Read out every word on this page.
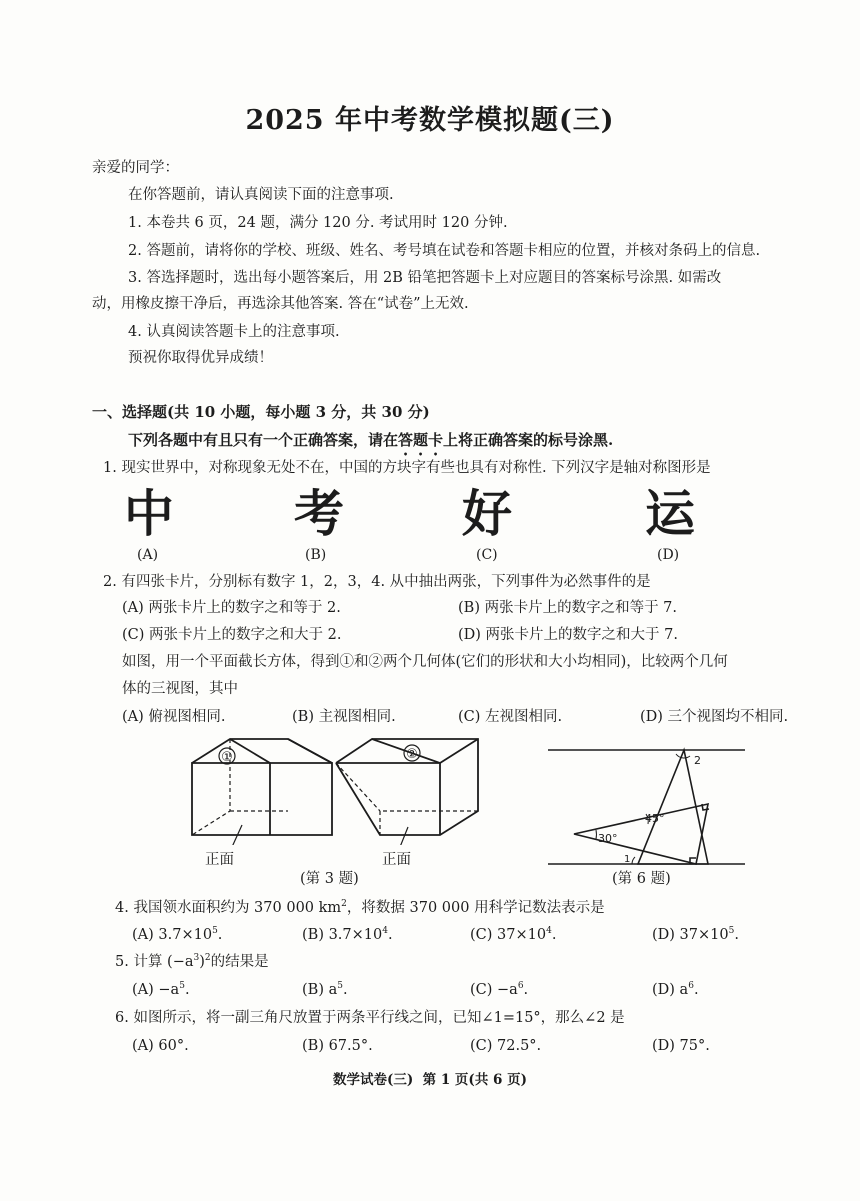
2025 年中考数学模拟题(三)
亲爱的同学：
在你答题前，请认真阅读下面的注意事项.
1. 本卷共 6 页，24 题，满分 120 分. 考试用时 120 分钟.
2. 答题前，请将你的学校、班级、姓名、考号填在试卷和答题卡相应的位置，并核对条码上的信息.
3. 答选择题时，选出每小题答案后，用 2B 铅笔把答题卡上对应题目的答案标号涂黑. 如需改
动，用橡皮擦干净后，再选涂其他答案. 答在“试卷”上无效.
4. 认真阅读答题卡上的注意事项.
预祝你取得优异成绩！
一、选择题(共 10 小题，每小题 3 分，共 30 分)
下列各题中有且只有一个正确答案，请在答题卡上将正确答案的标号涂黑.
1. 现实世界中，对称现象无处不在，中国的方块字有些也具有对称性. 下列汉字是轴对称图形是
中 考 好	运
(A)	(B)	(C)	(D)
2. 有四张卡片，分别标有数字 1，2，3，4. 从中抽出两张，下列事件为必然事件的是
(A) 两张卡片上的数字之和等于 2.	(B) 两张卡片上的数字之和等于 7.
(C) 两张卡片上的数字之和大于 2.	(D) 两张卡片上的数字之和大于 7.
如图，用一个平面截长方体，得到①和②两个几何体(它们的形状和大小均相同)，比较两个几何
体的三视图，其中
(A) 俯视图相同.	(B) 主视图相同.	(C) 左视图相同.	(D) 三个视图均不相同.
①
正面
②
正面
(第 3 题)
2
45°
30°
1
(第 6 题)
4. 我国领水面积约为 370 000 $km^2$，将数据 370 000 用科学记数法表示是
(A) $3.7\times 10^5$.	(B) $3.7\times 10^4$.	(C) $37\times 10^4$.	(D) $37\times 10^5$.
5. 计算 $(-a^3)^2$的结果是
$(A) -a^5$.	(B) $a^5$.	$(C) -a^6$.	(D) $a^6$.
6. 如图所示，将一副三角尺放置于两条平行线之间，已知∠1=15°，那么∠2 是
(A) 60°.	(B) 67.5°.	(C) 72.5°.	(D) 75°.
数学试卷(三)  第 1 页(共 6 页)
